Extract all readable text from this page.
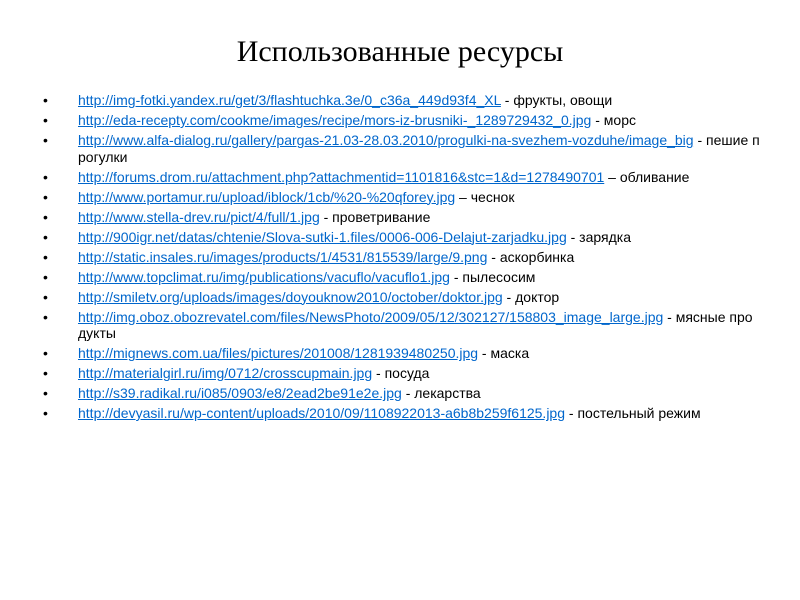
Использованные ресурсы
• http://img-fotki.yandex.ru/get/3/flashtuchka.3e/0_c36a_449d93f4_XL - фрукты, овощи
• http://eda-recepty.com/cookme/images/recipe/mors-iz-brusniki-_1289729432_0.jpg - морс
• http://www.alfa-dialog.ru/gallery/pargas-21.03-28.03.2010/progulki-na-svezhem-vozduhe/image_big - пешие прогулки
• http://forums.drom.ru/attachment.php?attachmentid=1101816&stc=1&d=1278490701 – обливание
• http://www.portamur.ru/upload/iblock/1cb/%20-%20qforey.jpg – чеснок
• http://www.stella-drev.ru/pict/4/full/1.jpg - проветривание
• http://900igr.net/datas/chtenie/Slova-sutki-1.files/0006-006-Delajut-zarjadku.jpg - зарядка
• http://static.insales.ru/images/products/1/4531/815539/large/9.png - аскорбинка
• http://www.topclimat.ru/img/publications/vacuflo/vacuflo1.jpg - пылесосим
• http://smiletv.org/uploads/images/doyouknow2010/october/doktor.jpg - доктор
• http://img.oboz.obozrevatel.com/files/NewsPhoto/2009/05/12/302127/158803_image_large.jpg - мясные продукты
• http://mignews.com.ua/files/pictures/201008/1281939480250.jpg - маска
• http://materialgirl.ru/img/0712/crosscupmain.jpg - посуда
• http://s39.radikal.ru/i085/0903/e8/2ead2be91e2e.jpg - лекарства
• http://devyasil.ru/wp-content/uploads/2010/09/1108922013-a6b8b259f6125.jpg - постельный режим
